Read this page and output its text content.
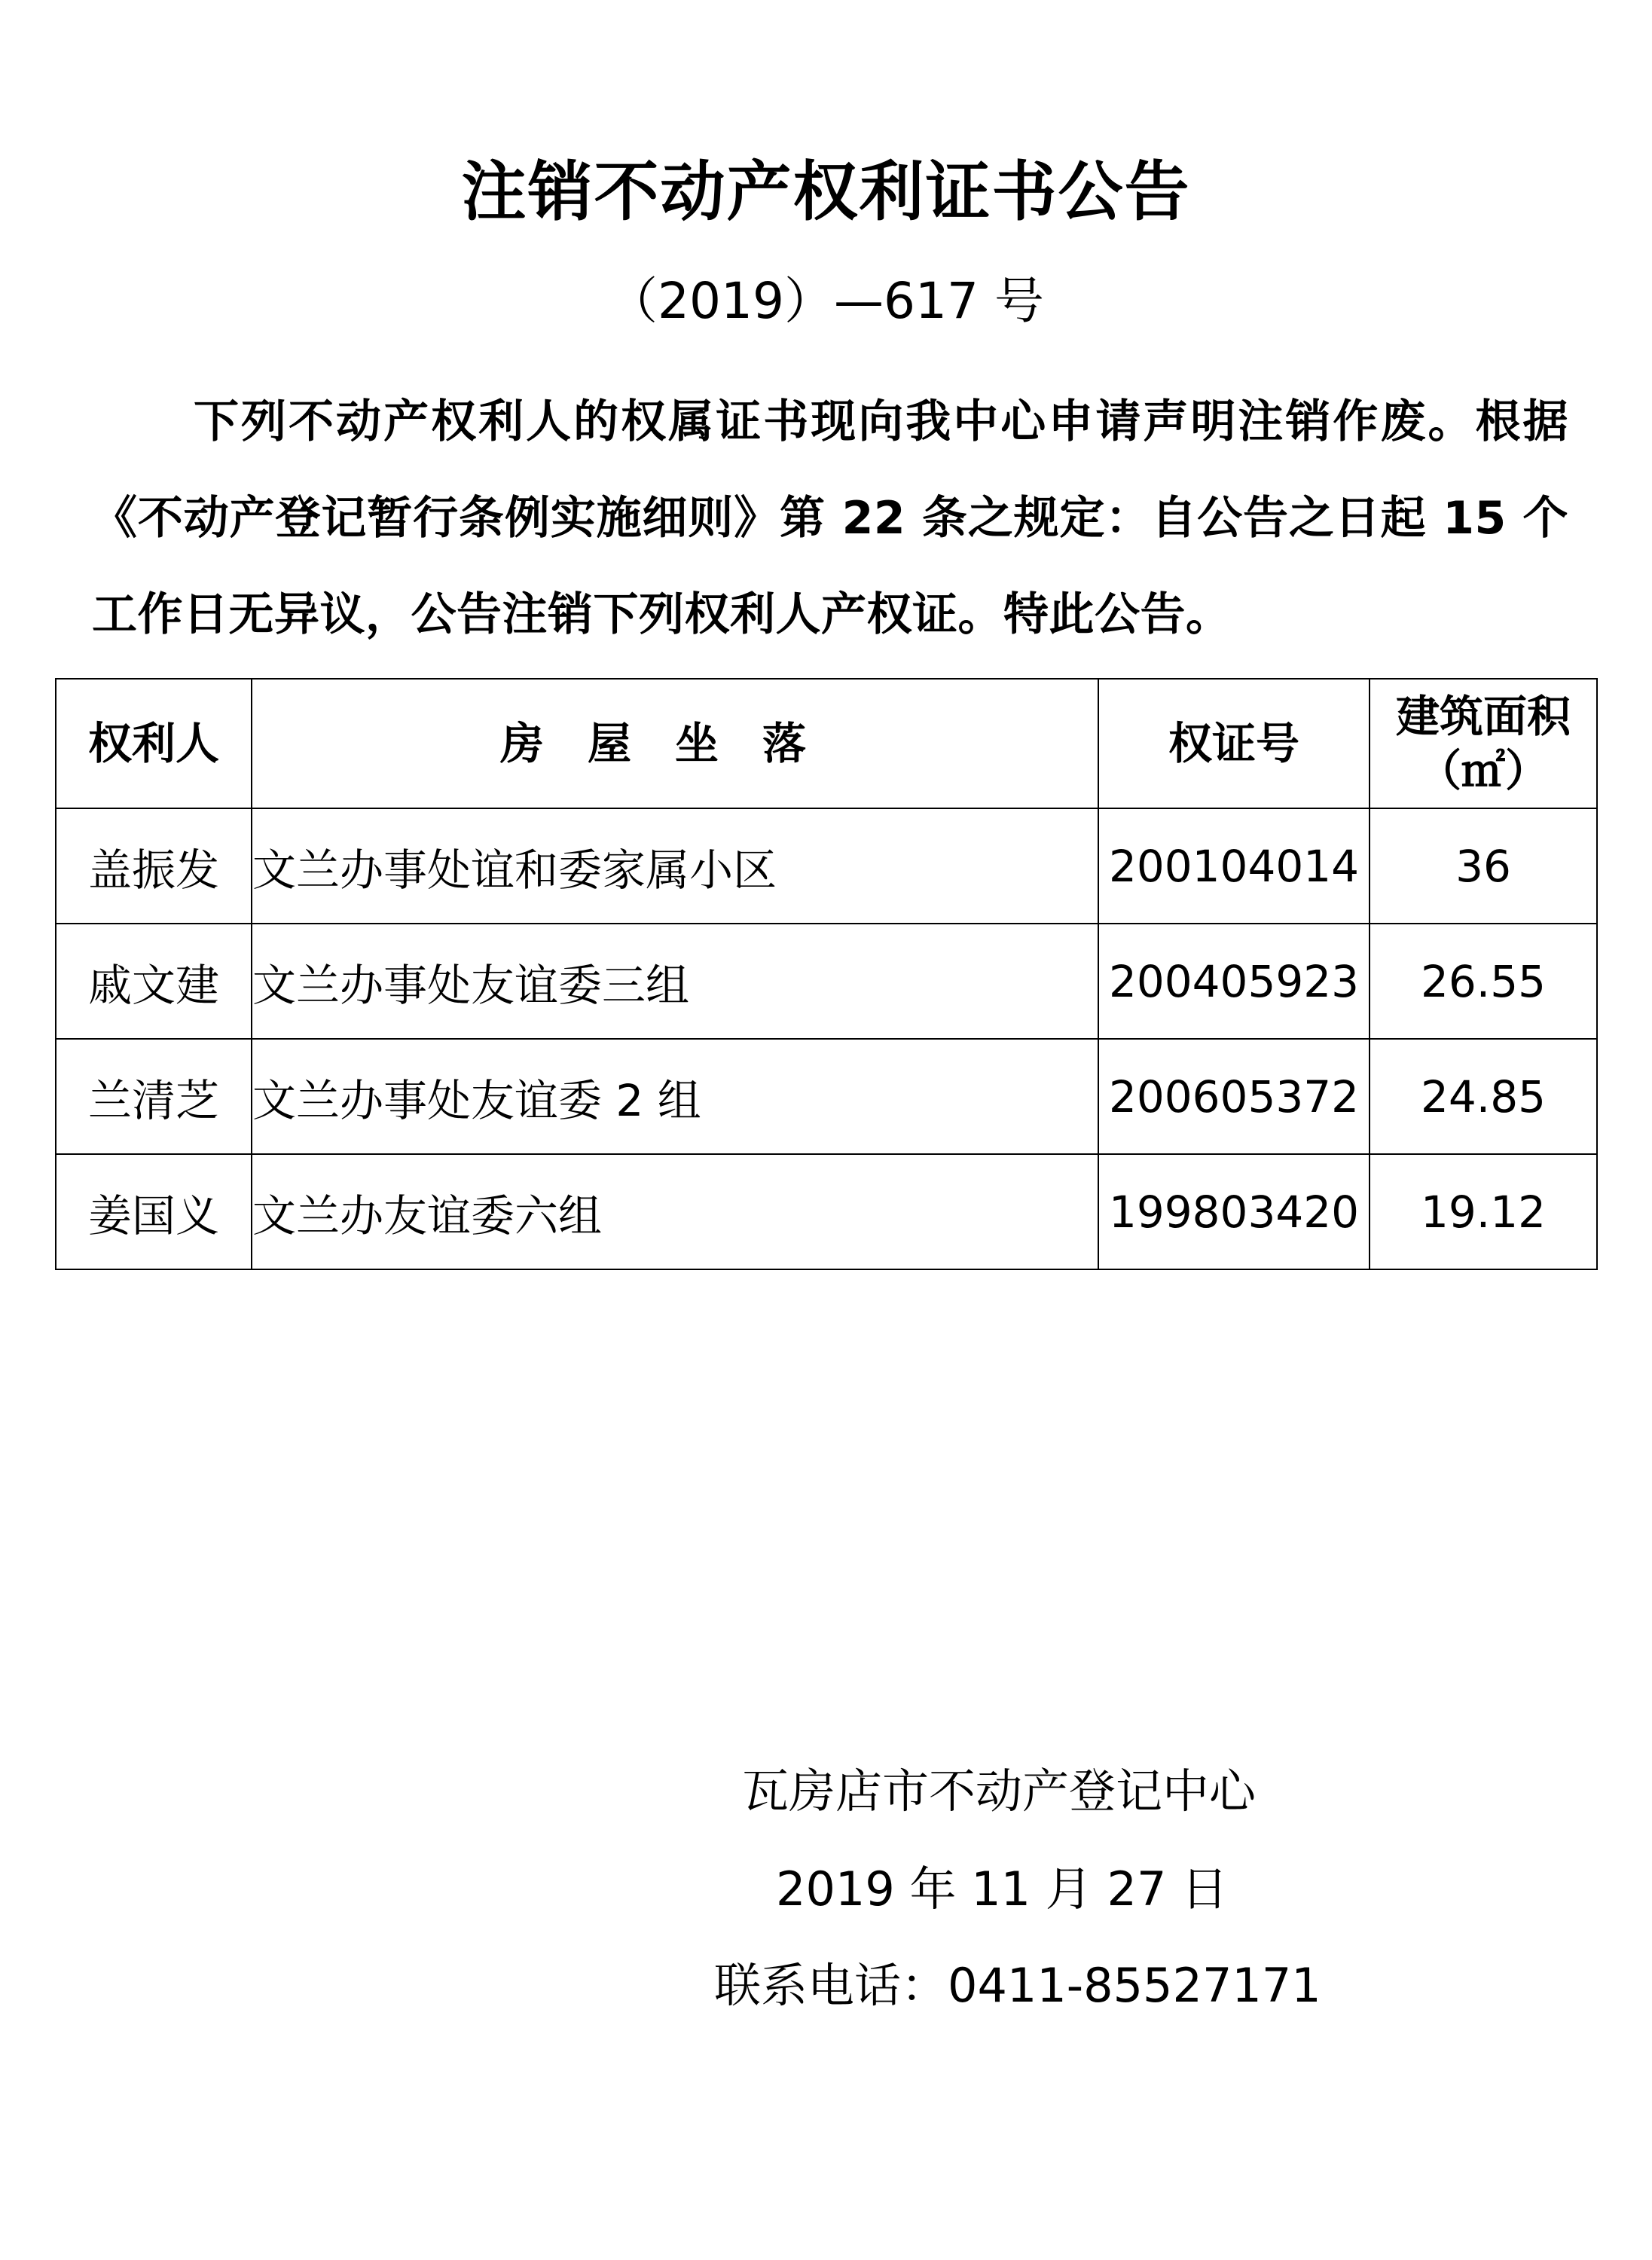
注销不动产权利证书公告
（2019）—617 号
下列不动产权利人的权属证书现向我中心申请声明注销作废。根据《不动产登记暂行条例实施细则》第 22 条之规定：自公告之日起 15 个工作日无异议，公告注销下列权利人产权证。特此公告。
权利人	房屋坐落	权证号	建筑面积
（㎡）

盖振发	文兰办事处谊和委家属小区	200104014	36
戚文建	文兰办事处友谊委三组	200405923	26.55
兰清芝	文兰办事处友谊委 2 组	200605372	24.85
姜国义	文兰办友谊委六组	199803420	19.12
瓦房店市不动产登记中心
2019 年 11 月 27 日
联系电话：0411-85527171
